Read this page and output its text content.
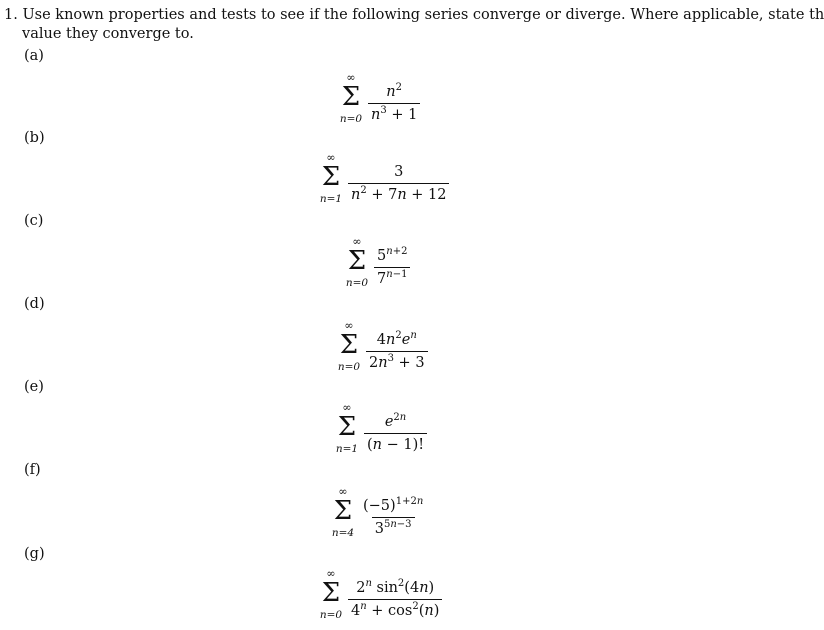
1. Use known properties and tests to see if the following series converge or diverge. Where applicable, state th
value they converge to.
(a)
∞
Σ
$n=0 \frac{n^2}{n^3 + 1}$
(b)
∞
Σ
$n=1 \frac{3}{n^2 + 7n + 12}$
(c)
∞
Σ
$n=0 \frac{5^{n+2}}{7^{n-1}}$
(d)
∞
Σ
$n=0 \frac{4n^2e^n}{2n^3 + 3}$
(e)
∞
Σ
$n=1 \frac{e^{2n}}{(n - 1)!}$
(f)
∞
Σ
$n=4 \frac{(-5)^{1+2n}}{3^{5n-3}}$
(g)
∞
Σ
$n=0 \frac{2^n \sin^2(4n)}{4^n + \cos^2(n)}$
